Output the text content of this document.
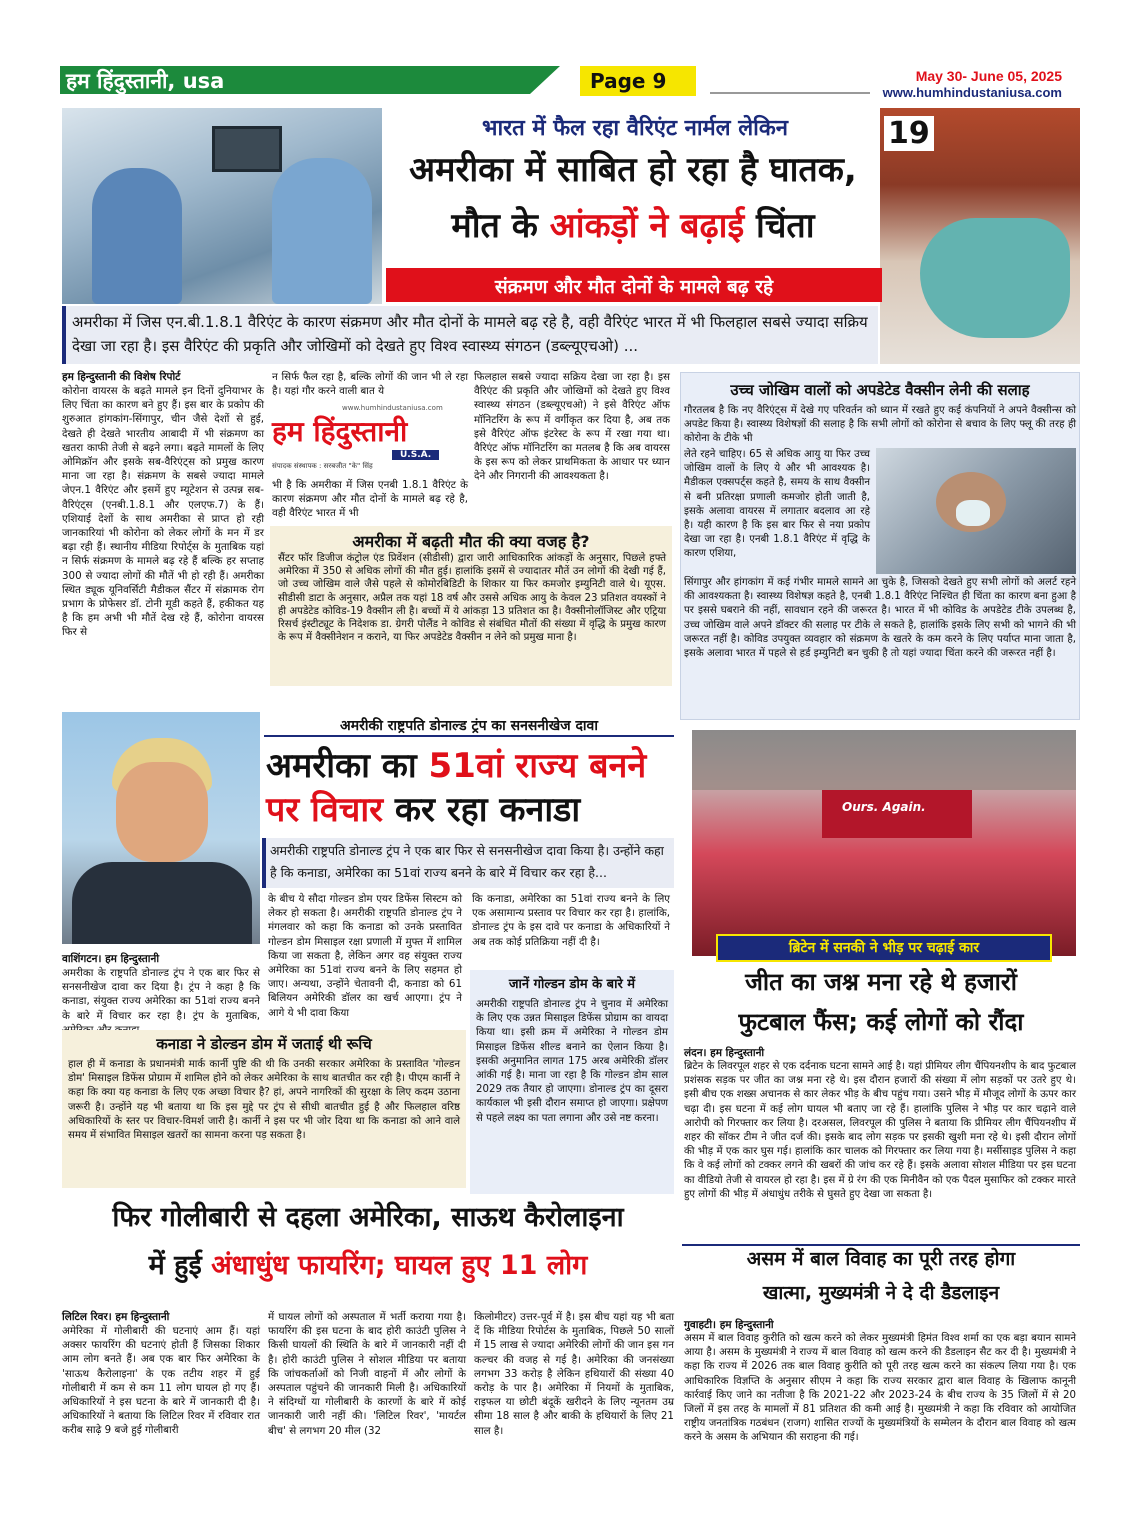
हम हिंदुस्तानी, usa	Page 9	May 30- June 05, 2025
www.humhindustaniusa.com
19
भारत में फैल रहा वैरिएंट नार्मल लेकिन
अमरीका में साबित हो रहा है घातक,
मौत के आंकड़ों ने बढ़ाई चिंता
संक्रमण और मौत दोनों के मामले बढ़ रहे
अमरीका में जिस एन.बी.1.8.1 वैरिएंट के कारण संक्रमण और मौत दोनों के मामले बढ़ रहे है, वही वैरिएंट भारत में भी फिलहाल सबसे ज्यादा सक्रिय देखा जा रहा है। इस वैरिएंट की प्रकृति और जोखिमों को देखते हुए विश्व स्वास्थ्य संगठन (डब्ल्यूएचओ) ...
हम हिन्दुस्तानी की विशेष रिपोर्ट
कोरोना वायरस के बढ़ते मामले इन दिनों दुनियाभर के लिए चिंता का कारण बने हुए हैं। इस बार के प्रकोप की शुरुआत हांगकांग-सिंगापुर, चीन जैसे देशों से हुई, देखते ही देखते भारतीय आबादी में भी संक्रमण का खतरा काफी तेजी से बढ़ने लगा। बढ़ते मामलों के लिए ओमिक्रॉन और इसके सब-वैरिएंट्स को प्रमुख कारण माना जा रहा है। संक्रमण के सबसे ज्यादा मामले जेएन.1 वैरिएंट और इसमें हुए म्यूटेशन से उत्पन्न सब-वैरिएंट्स (एनबी.1.8.1 और एलएफ.7) के हैं। एशियाई देशों के साथ अमरीका से प्राप्त हो रही जानकारियां भी कोरोना को लेकर लोगों के मन में डर बढ़ा रही हैं। स्थानीय मीडिया रिपोर्ट्स के मुताबिक यहां न सिर्फ संक्रमण के मामले बढ़ रहे हैं बल्कि हर सप्ताह 300 से ज्यादा लोगों की मौतें भी हो रही हैं। अमरीका स्थित ड्यूक यूनिवर्सिटी मैडीकल सैंटर में संक्रामक रोग प्रभाग के प्रोफेसर डॉ. टोनी मूडी कहते हैं, हकीकत यह है कि हम अभी भी मौतें देख रहे हैं, कोरोना वायरस फिर से
न सिर्फ फैल रहा है, बल्कि लोगों की जान भी ले रहा है। यहां गौर करने वाली बात ये
www.humhindustaniusa.com
हम हिंदुस्तानी
U.S.A.
संपादक संस्थापक : सरबजीत "के" सिंह
भी है कि अमरीका में जिस एनबी 1.8.1 वैरिएंट के कारण संक्रमण और मौत दोनों के मामले बढ़ रहे है, वही वैरिएंट भारत में भी
फिलहाल सबसे ज्यादा सक्रिय देखा जा रहा है। इस वैरिएंट की प्रकृति और जोखिमों को देखते हुए विश्व स्वास्थ्य संगठन (डब्ल्यूएचओ) ने इसे वैरिएंट ऑफ मॉनिटरिंग के रूप में वर्गीकृत कर दिया है, अब तक इसे वैरिएंट ऑफ इंटरेस्ट के रूप में रखा गया था। वैरिएंट ऑफ मॉनिटरिंग का मतलब है कि अब वायरस के इस रूप को लेकर प्राथमिकता के आधार पर ध्यान देने और निगरानी की आवश्यकता है।
अमरीका में बढ़ती मौत की क्या वजह है?
सैंटर फॉर डिजीज कंट्रोल एंड प्रिवेंशन (सीडीसी) द्वारा जारी आधिकारिक आंकड़ों के अनुसार, पिछले हफ्ते अमेरिका में 350 से अधिक लोगों की मौत हुई। हालांकि इसमें से ज्यादातर मौतें उन लोगों की देखी गई हैं, जो उच्च जोखिम वाले जैसे पहले से कोमोरबिडिटी के शिकार या फिर कमजोर इम्युनिटी वाले थे। यूएस. सीडीसी डाटा के अनुसार, अप्रैल तक यहां 18 वर्ष और उससे अधिक आयु के केवल 23 प्रतिशत वयस्कों ने ही अपडेटेड कोविड-19 वैक्सीन ली है। बच्चों में ये आंकड़ा 13 प्रतिशत का है। वैक्सीनोलॉजिस्ट और एट्रिया रिसर्च इंस्टीट्यूट के निदेशक डा. ग्रेगरी पोलैंड ने कोविड से संबंधित मौतों की संख्या में वृद्धि के प्रमुख कारण के रूप में वैक्सीनेशन न कराने, या फिर अपडेटेड वैक्सीन न लेने को प्रमुख माना है।
उच्च जोखिम वालों को अपडेटेड वैक्सीन लेनी की सलाह
गौरतलब है कि नए वैरिएंट्स में देखे गए परिवर्तन को ध्यान में रखते हुए कई कंपनियों ने अपने वैक्सीन्स को अपडेट किया है। स्वास्थ्य विशेषज्ञों की सलाह है कि सभी लोगों को कोरोना से बचाव के लिए फ्लू की तरह ही कोरोना के टीके भी
लेते रहने चाहिए। 65 से अधिक आयु या फिर उच्च जोखिम वालों के लिए ये और भी आवश्यक है। मैडीकल एक्सपर्ट्स कहते है, समय के साथ वैक्सीन से बनी प्रतिरक्षा प्रणाली कमजोर होती जाती है, इसके अलावा वायरस में लगातार बदलाव आ रहे है। यही कारण है कि इस बार फिर से नया प्रकोप देखा जा रहा है। एनबी 1.8.1 वैरिएंट में वृद्धि के कारण एशिया,
सिंगापुर और हांगकांग में कई गंभीर मामले सामने आ चुके है, जिसको देखते हुए सभी लोगों को अलर्ट रहने की आवश्यकता है। स्वास्थ्य विशेषज्ञ कहते है, एनबी 1.8.1 वैरिएंट निश्चित ही चिंता का कारण बना हुआ है पर इससे घबराने की नहीं, सावधान रहने की जरूरत है। भारत में भी कोविड के अपडेटेड टीके उपलब्ध है, उच्च जोखिम वाले अपने डॉक्टर की सलाह पर टीके ले सकते है, हालांकि इसके लिए सभी को भागने की भी जरूरत नहीं है। कोविड उपयुक्त व्यवहार को संक्रमण के खतरे के कम करने के लिए पर्याप्त माना जाता है, इसके अलावा भारत में पहले से हर्ड इम्युनिटी बन चुकी है तो यहां ज्यादा चिंता करने की जरूरत नहीं है।
अमरीकी राष्ट्रपति डोनाल्ड ट्रंप का सनसनीखेज दावा
अमरीका का 51वां राज्य बनने
पर विचार कर रहा कनाडा
अमरीकी राष्ट्रपति डोनाल्ड ट्रंप ने एक बार फिर से सनसनीखेज दावा किया है। उन्होंने कहा है कि कनाडा, अमेरिका का 51वां राज्य बनने के बारे में विचार कर रहा है...
के बीच ये सौदा गोल्डन डोम एयर डिफेंस सिस्टम को लेकर हो सकता है। अमरीकी राष्ट्रपति डोनाल्ड ट्रंप ने मंगलवार को कहा कि कनाडा को उनके प्रस्तावित गोल्डन डोम मिसाइल रक्षा प्रणाली में मुफ्त में शामिल किया जा सकता है, लेकिन अगर वह संयुक्त राज्य अमेरिका का 51वां राज्य बनने के लिए सहमत हो जाए। अन्यथा, उन्होंने चेतावनी दी, कनाडा को 61 बिलियन अमेरिकी डॉलर का खर्च आएगा। ट्रंप ने आगे ये भी दावा किया
कि कनाडा, अमेरिका का 51वां राज्य बनने के लिए एक असामान्य प्रस्ताव पर विचार कर रहा है। हालांकि, डोनाल्ड ट्रंप के इस दावे पर कनाडा के अधिकारियों ने अब तक कोई प्रतिक्रिया नहीं दी है।
वाशिंगटन। हम हिन्दुस्तानी
अमरीका के राष्ट्रपति डोनाल्ड ट्रंप ने एक बार फिर से सनसनीखेज दावा कर दिया है। ट्रंप ने कहा है कि कनाडा, संयुक्त राज्य अमेरिका का 51वां राज्य बनने के बारे में विचार कर रहा है। ट्रंप के मुताबिक,
कनाडा ने डोल्डन डोम में जताई थी रूचि
हाल ही में कनाडा के प्रधानमंत्री मार्क कार्नी पुष्टि की थी कि उनकी सरकार अमेरिका के प्रस्तावित 'गोल्डन डोम' मिसाइल डिफेंस प्रोग्राम में शामिल होने को लेकर अमेरिका के साथ बातचीत कर रही है। पीएम कार्नी ने कहा कि क्या यह कनाडा के लिए एक अच्छा विचार है? हां, अपने नागरिकों की सुरक्षा के लिए कदम उठाना जरूरी है। उन्होंने यह भी बताया था कि इस मुद्दे पर ट्रंप से सीधी बातचीत हुई है और फिलहाल वरिष्ठ अधिकारियों के स्तर पर विचार-विमर्श जारी है। कार्नी ने इस पर भी जोर दिया था कि कनाडा को आने वाले समय में संभावित मिसाइल खतरों का सामना करना पड़ सकता है।
जानें गोल्डन डोम के बारे में
अमरीकी राष्ट्रपति डोनाल्ड ट्रंप ने चुनाव में अमेरिका के लिए एक उन्नत मिसाइल डिफेंस प्रोग्राम का वायदा किया था। इसी क्रम में अमेरिका ने गोल्डन डोम मिसाइल डिफेंस शील्ड बनाने का ऐलान किया है। इसकी अनुमानित लागत 175 अरब अमेरिकी डॉलर आंकी गई है। माना जा रहा है कि गोल्डन डोम साल 2029 तक तैयार हो जाएगा। डोनाल्ड ट्रंप का दूसरा कार्यकाल भी इसी दौरान समाप्त हो जाएगा। प्रक्षेपण से पहले लक्ष्य का पता लगाना और उसे नष्ट करना।
Ours. Again.
ब्रिटेन में सनकी ने भीड़ पर चढ़ाई कार
जीत का जश्न मना रहे थे हजारों
फुटबाल फैंस; कई लोगों को रौंदा
लंदन। हम हिन्दुस्तानी
ब्रिटेन के लिवरपूल शहर से एक दर्दनाक घटना सामने आई है। यहां प्रीमियर लीग चैंपियनशीप के बाद फुटबाल प्रशंसक सड़क पर जीत का जश्न मना रहे थे। इस दौरान हजारों की संख्या में लोग सड़कों पर उतरे हुए थे। इसी बीच एक शख्स अचानक से कार लेकर भीड़ के बीच पहुंच गया। उसने भीड़ में मौजूद लोगों के ऊपर कार चढ़ा दी। इस घटना में कई लोग घायल भी बताए जा रहे हैं। हालांकि पुलिस ने भीड़ पर कार चढ़ाने वाले आरोपी को गिरफ्तार कर लिया है। दरअसल, लिवरपूल की पुलिस ने बताया कि प्रीमियर लीग चैंपियनशीप में शहर की सॉकर टीम ने जीत दर्ज की। इसके बाद लोग सड़क पर इसकी खुशी मना रहे थे। इसी दौरान लोगों की भीड़ में एक कार घुस गई। हालांकि कार चालक को गिरफ्तार कर लिया गया है। मर्सीसाइड पुलिस ने कहा कि वे कई लोगों को टक्कर लगने की खबरों की जांच कर रहे हैं। इसके अलावा सोशल मीडिया पर इस घटना का वीडियो तेजी से वायरल हो रहा है। इस में ग्रे रंग की एक मिनीवैन को एक पैदल मुसाफिर को टक्कर मारते हुए लोगों की भीड़ में अंधाधुंध तरीके से घुसते हुए देखा जा सकता है।
असम में बाल विवाह का पूरी तरह होगा
खात्मा, मुख्यमंत्री ने दे दी डैडलाइन
गुवाहटी। हम हिन्दुस्तानी
असम में बाल विवाह कुरीति को खत्म करने को लेकर मुख्यमंत्री हिमंत विश्व शर्मा का एक बड़ा बयान सामने आया है। असम के मुख्यमंत्री ने राज्य में बाल विवाह को खत्म करने की डैडलाइन सैट कर दी है। मुख्यमंत्री ने कहा कि राज्य में 2026 तक बाल विवाह कुरीति को पूरी तरह खत्म करने का संकल्प लिया गया है। एक आधिकारिक विज्ञप्ति के अनुसार सीएम ने कहा कि राज्य सरकार द्वारा बाल विवाह के खिलाफ कानूनी कार्रवाई किए जाने का नतीजा है कि 2021-22 और 2023-24 के बीच राज्य के 35 जिलों में से 20 जिलों में इस तरह के मामलों में 81 प्रतिशत की कमी आई है। मुख्यमंत्री ने कहा कि रविवार को आयोजित राष्ट्रीय जनतांत्रिक गठबंधन (राजग) शासित राज्यों के मुख्यमंत्रियों के सम्मेलन के दौरान बाल विवाह को खत्म करने के असम के अभियान की सराहना की गई।
फिर गोलीबारी से दहला अमेरिका, साऊथ कैरोलाइना
में हुई अंधाधुंध फायरिंग; घायल हुए 11 लोग
लिटिल रिवर। हम हिन्दुस्तानी
अमेरिका में गोलीबारी की घटनाएं आम हैं। यहां अक्सर फायरिंग की घटनाएं होती हैं जिसका शिकार आम लोग बनते हैं। अब एक बार फिर अमेरिका के 'साऊथ कैरोलाइना' के एक तटीय शहर में हुई गोलीबारी में कम से कम 11 लोग घायल हो गए हैं। अधिकारियों ने इस घटना के बारे में जानकारी दी है। अधिकारियों ने बताया कि लिटिल रिवर में रविवार रात करीब साढ़े 9 बजे हुई गोलीबारी
में घायल लोगों को अस्पताल में भर्ती कराया गया है। फायरिंग की इस घटना के बाद होरी काउंटी पुलिस ने किसी घायलों की स्थिति के बारे में जानकारी नहीं दी है। होरी काउंटी पुलिस ने सोशल मीडिया पर बताया कि जांचकर्ताओं को निजी वाहनों में और लोगों के अस्पताल पहुंचने की जानकारी मिली है। अधिकारियों ने संदिग्धों या गोलीबारी के कारणों के बारे में कोई जानकारी जारी नहीं की। 'लिटिल रिवर', 'मायर्टल बीच' से लगभग 20 मील (32
किलोमीटर) उत्तर-पूर्व में है। इस बीच यहां यह भी बता दें कि मीडिया रिपोर्टस के मुताबिक, पिछले 50 सालों में 15 लाख से ज्यादा अमेरिकी लोगों की जान इस गन कल्चर की वजह से गई है। अमेरिका की जनसंख्या लगभग 33 करोड़ है लेकिन हथियारों की संख्या 40 करोड़ के पार है। अमेरिका में नियमों के मुताबिक, राइफल या छोटी बंदूकें खरीदने के लिए न्यूनतम उम्र सीमा 18 साल है और बाकी के हथियारों के लिए 21 साल है।
